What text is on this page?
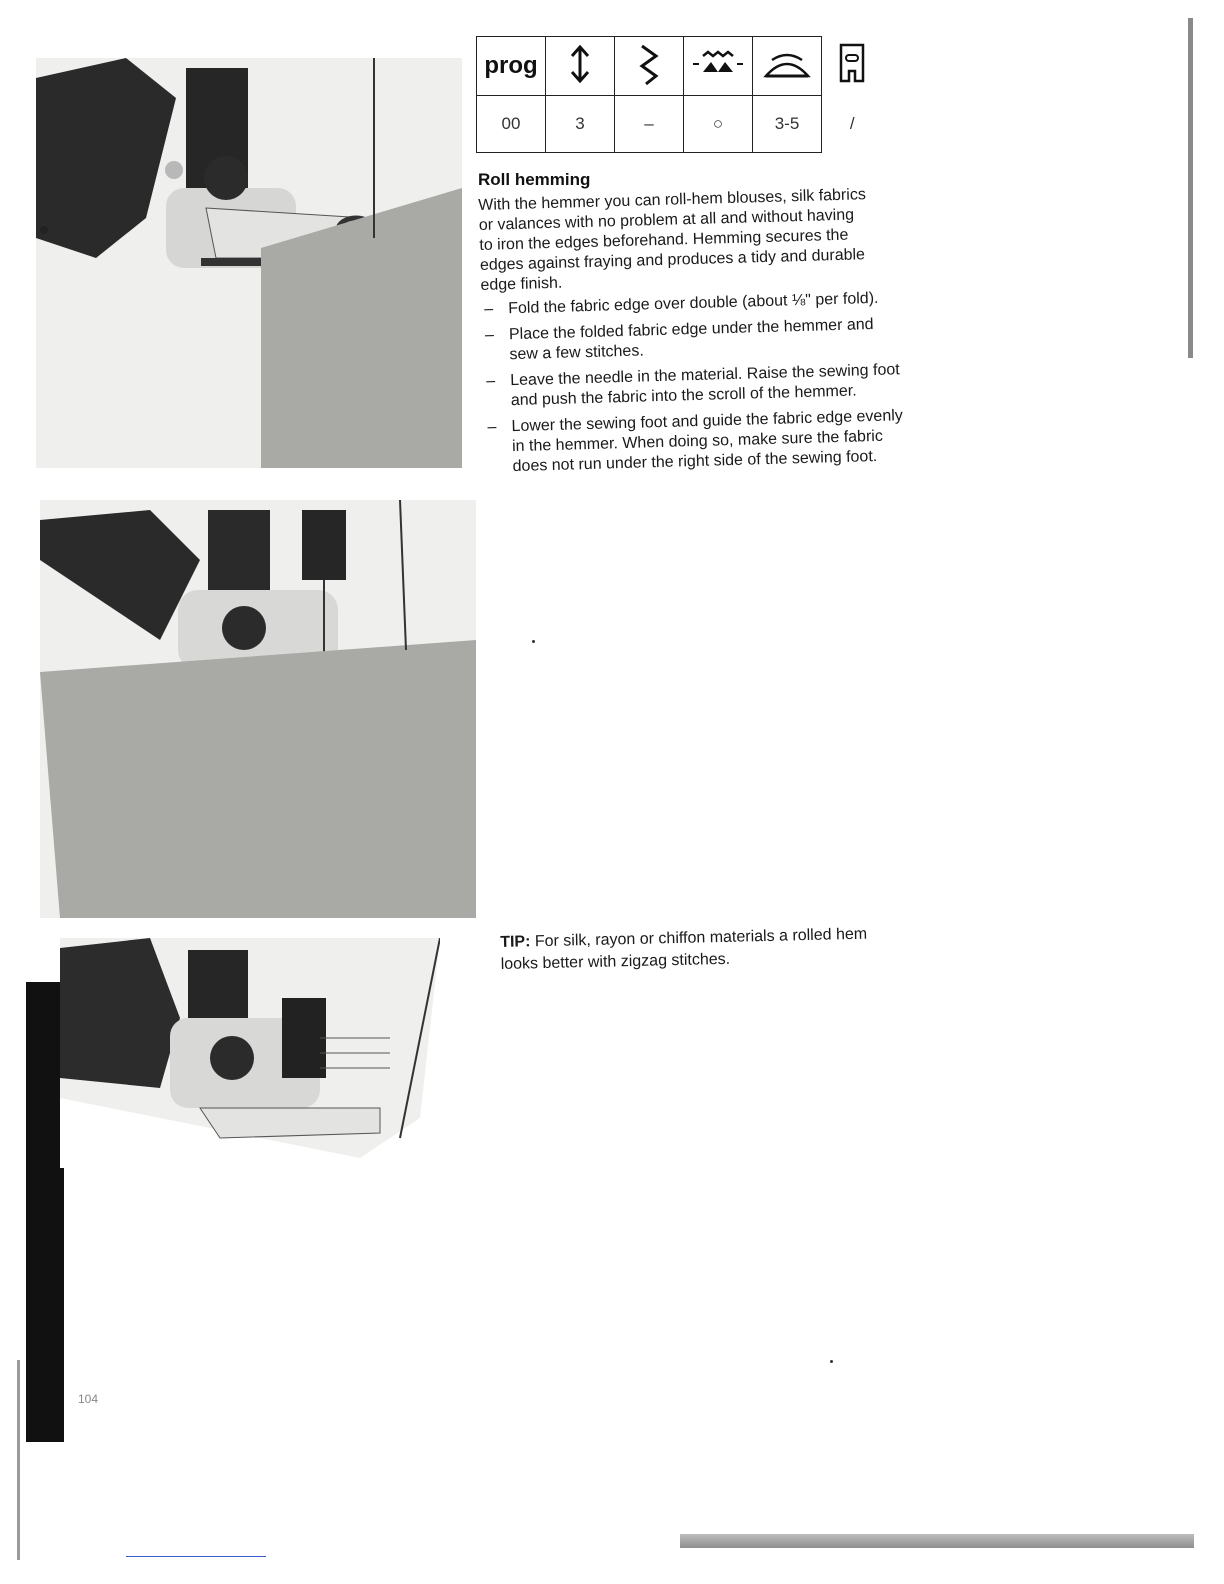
prog					
00	3	–	○	3-5	/
Roll hemming
With the hemmer you can roll-hem blouses, silk fabrics or valances with no problem at all and without having to iron the edges beforehand. Hemming secures the edges against fraying and produces a tidy and durable edge finish.
– Fold the fabric edge over double (about ⅛" per fold).
– Place the folded fabric edge under the hemmer and sew a few stitches.
– Leave the needle in the material. Raise the sewing foot and push the fabric into the scroll of the hemmer.
– Lower the sewing foot and guide the fabric edge evenly in the hemmer. When doing so, make sure the fabric does not run under the right side of the sewing foot.
TIP: For silk, rayon or chiffon materials a rolled hem looks better with zigzag stitches.
104
